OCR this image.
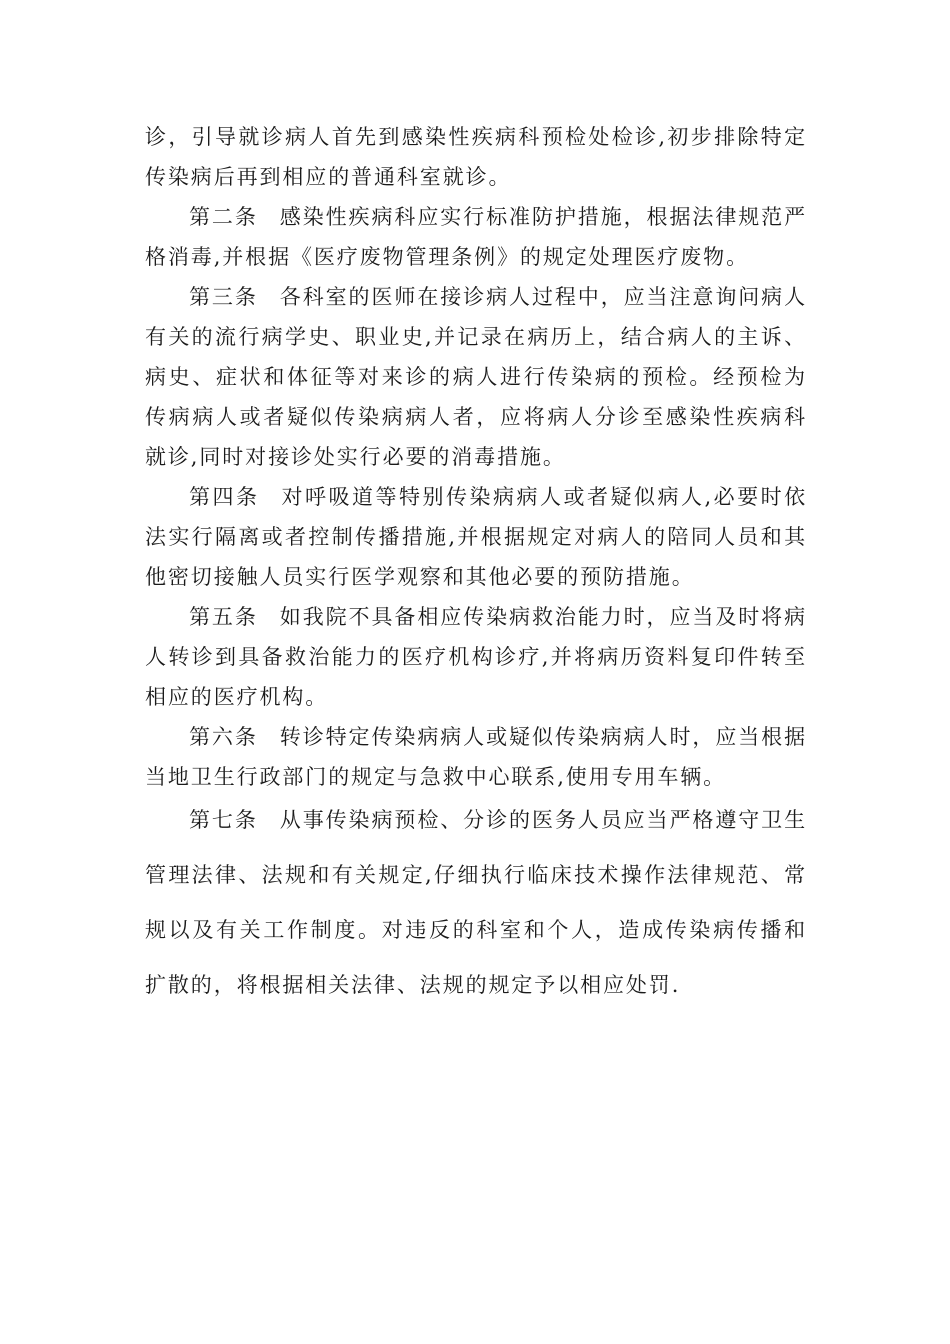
诊，引导就诊病人首先到感染性疾病科预检处检诊,初步排除特定传染病后再到相应的普通科室就诊。

第二条 感染性疾病科应实行标准防护措施，根据法律规范严格消毒,并根据《医疗废物管理条例》的规定处理医疗废物。

第三条 各科室的医师在接诊病人过程中，应当注意询问病人有关的流行病学史、职业史,并记录在病历上，结合病人的主诉、病史、症状和体征等对来诊的病人进行传染病的预检。经预检为传病病人或者疑似传染病病人者，应将病人分诊至感染性疾病科就诊,同时对接诊处实行必要的消毒措施。

第四条 对呼吸道等特别传染病病人或者疑似病人,必要时依法实行隔离或者控制传播措施,并根据规定对病人的陪同人员和其他密切接触人员实行医学观察和其他必要的预防措施。

第五条 如我院不具备相应传染病救治能力时，应当及时将病人转诊到具备救治能力的医疗机构诊疗,并将病历资料复印件转至相应的医疗机构。

第六条 转诊特定传染病病人或疑似传染病病人时，应当根据当地卫生行政部门的规定与急救中心联系,使用专用车辆。

第七条 从事传染病预检、分诊的医务人员应当严格遵守卫生管理法律、法规和有关规定,仔细执行临床技术操作法律规范、常规以及有关工作制度。对违反的科室和个人，造成传染病传播和扩散的，将根据相关法律、法规的规定予以相应处罚.
